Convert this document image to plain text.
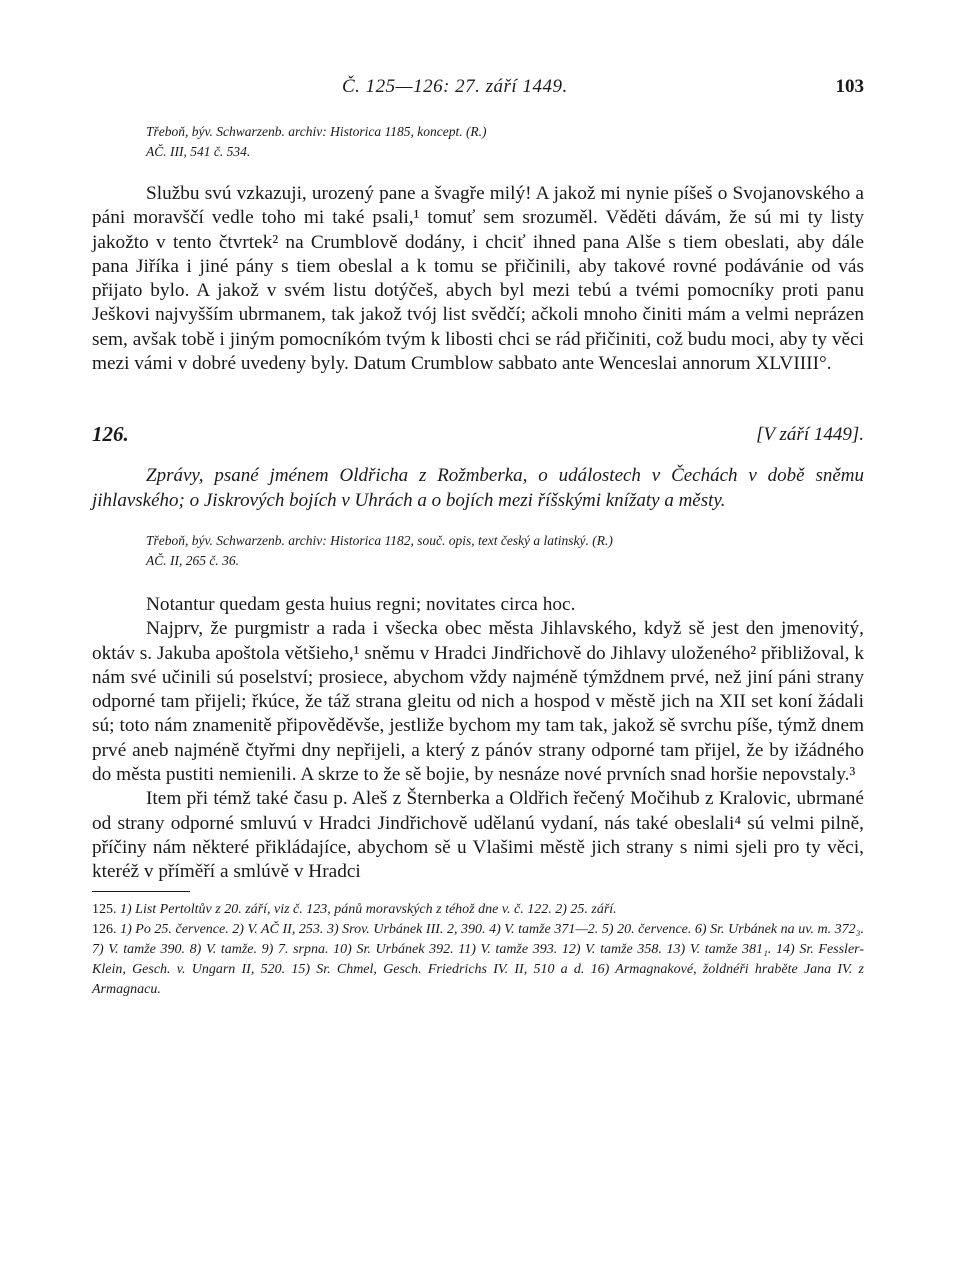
Č. 125—126: 27. září 1449.	103
Třeboň, býv. Schwarzenb. archiv: Historica 1185, koncept. (R.)
AČ. III, 541 č. 534.

Službu svú vzkazuji, urozený pane a švagře milý! A jakož mi nynie píšeš o Svojanovského a páni moravščí vedle toho mi také psali,¹ tomuť sem srozuměl. Věděti dávám, že sú mi ty listy jakožto v tento čtvrtek² na Crumblově dodány, i chciť ihned pana Alše s tiem obeslati, aby dále pana Jiříka i jiné pány s tiem obeslal a k tomu se přičinili, aby takové rovné podávánie od vás přijato bylo. A jakož v svém listu dotýčeš, abych byl mezi tebú a tvémi pomocníky proti panu Ješkovi najvyšším ubrmanem, tak jakož tvój list svědčí; ačkoli mnoho činiti mám a velmi neprázen sem, avšak tobě i jiným pomocníkóm tvým k libosti chci se rád přičiniti, což budu moci, aby ty věci mezi vámi v dobré uvedeny byly. Datum Crumblow sabbato ante Wenceslai annorum XLVIIII°.

126.	[V září 1449].

Zprávy, psané jménem Oldřicha z Rožmberka, o událostech v Čechách v době sněmu jihlavského; o Jiskrových bojích v Uhrách a o bojích mezi říšskými knížaty a městy.

Třeboň, býv. Schwarzenb. archiv: Historica 1182, souč. opis, text český a latinský. (R.)
AČ. II, 265 č. 36.

Notantur quedam gesta huius regni; novitates circa hoc.

Najprv, že purgmistr a rada i všecka obec města Jihlavského, když sě jest den jmenovitý, oktáv s. Jakuba apoštola většieho,¹ sněmu v Hradci Jindřichově do Jihlavy uloženého² přibližoval, k nám své učinili sú poselství; prosiece, abychom vždy najméně týmždnem prvé, než jiní páni strany odporné tam přijeli; řkúce, že táž strana gleitu od nich a hospod v městě jich na XII set koní žádali sú; toto nám znamenitě připověděvše, jestliže bychom my tam tak, jakož sě svrchu píše, týmž dnem prvé aneb najméně čtyřmi dny nepřijeli, a který z pánóv strany odporné tam přijel, že by ižádného do města pustiti nemienili. A skrze to že sě bojie, by nesnáze nové prvních snad horšie nepovstaly.³

Item při témž také času p. Aleš z Šternberka a Oldřich řečený Močihub z Kralovic, ubrmané od strany odporné smluvú v Hradci Jindřichově udělanú vydaní, nás také obeslali⁴ sú velmi pilně, příčiny nám některé přikládajíce, abychom sě u Vlašimi městě jich strany s nimi sjeli pro ty věci, kteréž v příměří a smlúvě v Hradci

125. 1) List Pertoltův z 20. září, viz č. 123, pánů moravských z téhož dne v. č. 122. 2) 25. září.

126. 1) Po 25. července. 2) V. AČ II, 253. 3) Srov. Urbánek III. 2, 390. 4) V. tamže 371—2. 5) 20. července. 6) Sr. Urbánek na uv. m. 372₃. 7) V. tamže 390. 8) V. tamže. 9) 7. srpna. 10) Sr. Urbánek 392. 11) V. tamže 393. 12) V. tamže 358. 13) V. tamže 381₁. 14) Sr. Fessler-Klein, Gesch. v. Ungarn II, 520. 15) Sr. Chmel, Gesch. Friedrichs IV. II, 510 a d. 16) Armagnakové, žoldnéři hraběte Jana IV. z Armagnacu.
